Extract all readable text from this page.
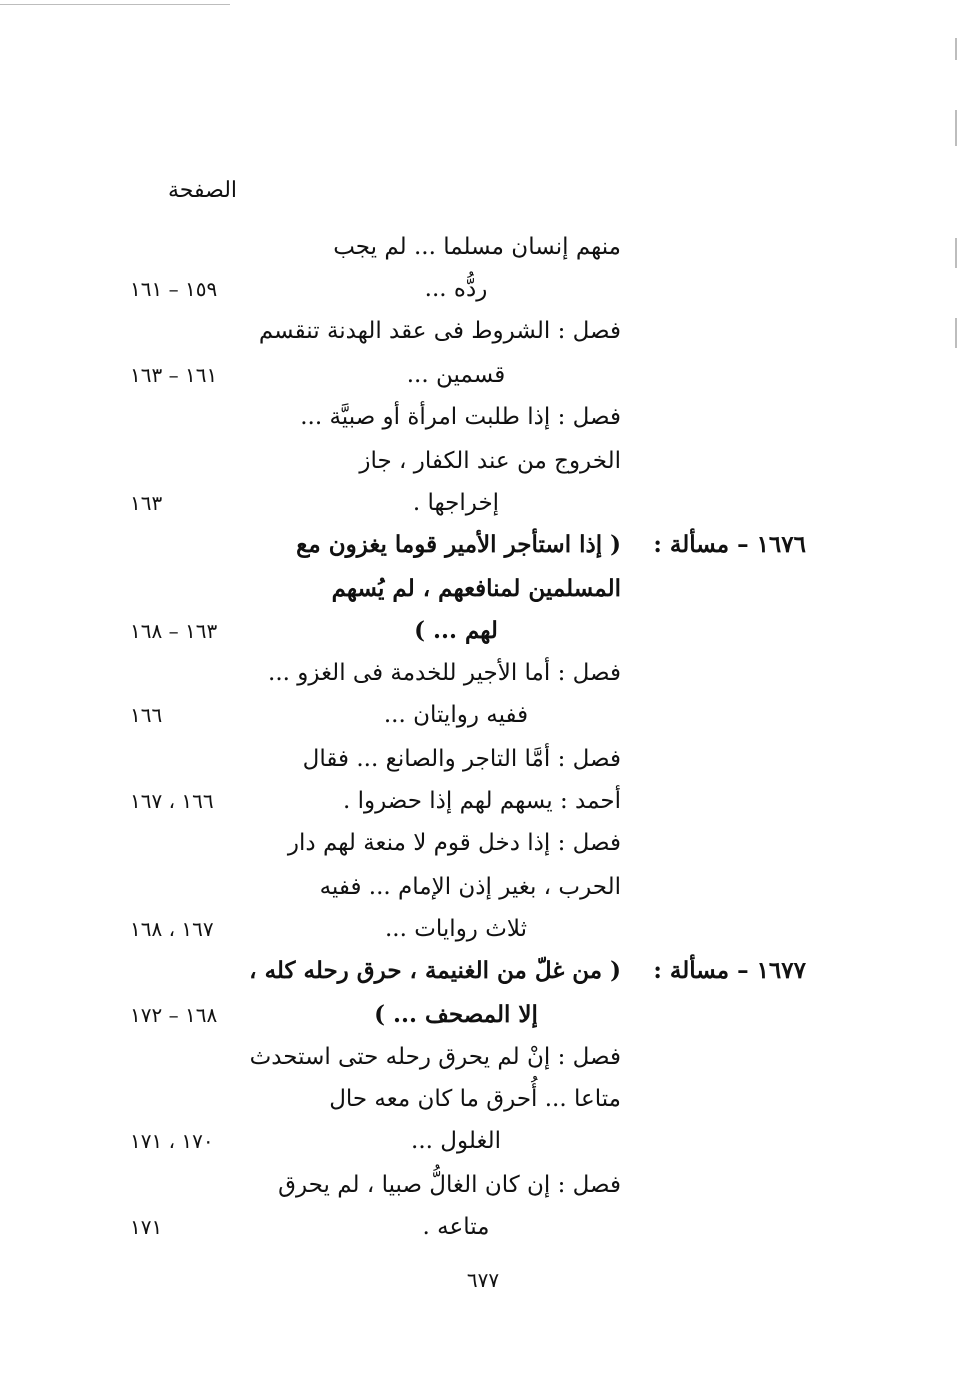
الصفحة
منهم إنسان مسلما ... لم يجب
ردُّه ...
١٥٩ – ١٦١
فصل : الشروط فى عقد الهدنة تنقسم
قسمين ...
١٦١ – ١٦٣
فصل : إذا طلبت امرأة أو صبيَّة ...
الخروج من عند الكفار ، جاز
إخراجها .
١٦٣
١٦٧٦ – مسألة :
( إذا استأجر الأمير قوما يغزون مع
المسلمين لمنافعهم ، لم يُسهم
لهم ... )
١٦٣ – ١٦٨
فصل : أما الأجير للخدمة فى الغزو ...
ففيه روايتان ...
١٦٦
فصل : أمَّا التاجر والصانع ... فقال
أحمد : يسهم لهم إذا حضروا .
١٦٦ ، ١٦٧
فصل : إذا دخل قوم لا منعة لهم دار
الحرب ، بغير إذن الإمام ... ففيه
ثلاث روايات ...
١٦٧ ، ١٦٨
١٦٧٧ – مسألة :
( من غلّ من الغنيمة ، حرق رحله كله ،
إلا المصحف ... )
١٦٨ – ١٧٢
فصل : إنْ لم يحرق رحله حتى استحدث
متاعا ... أُحرق ما كان معه حال
الغلول ...
١٧٠ ، ١٧١
فصل : إن كان الغالُّ صبيا ، لم يحرق
متاعه .
١٧١
٦٧٧
